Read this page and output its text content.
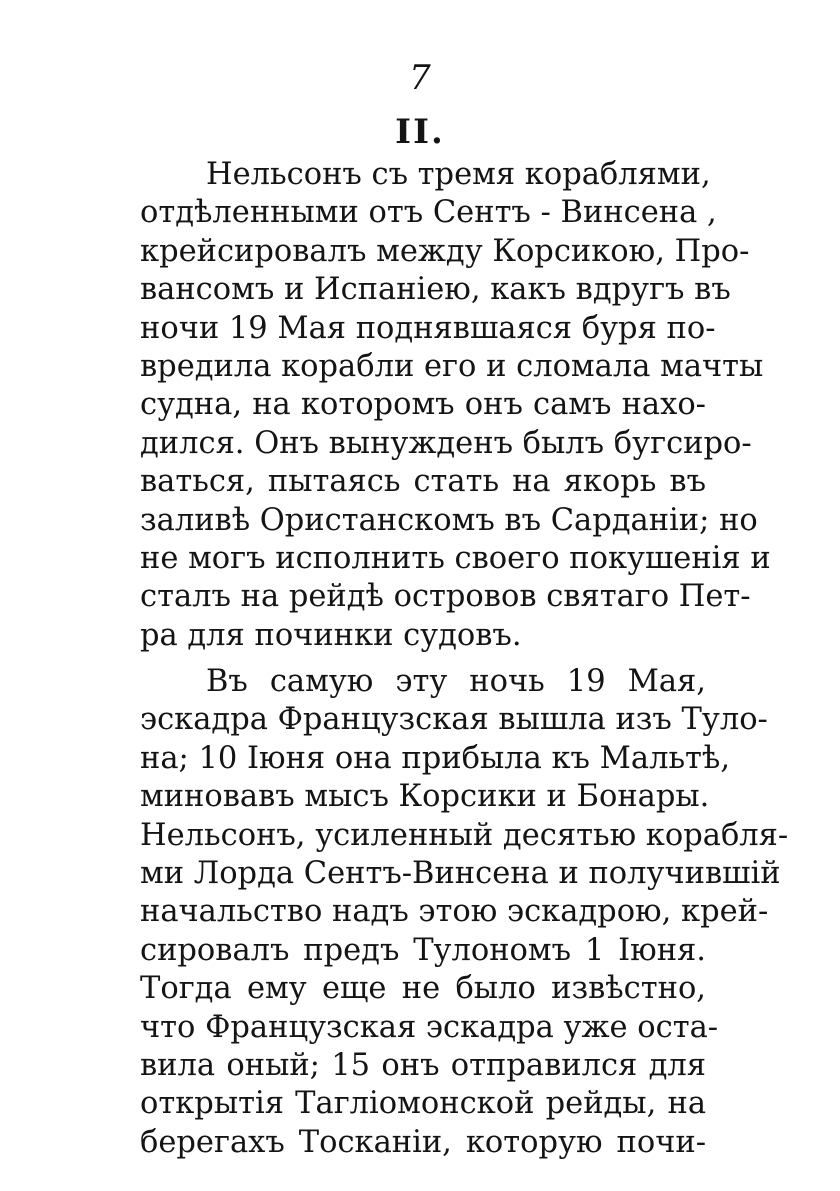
7
II.
Нельсонъ съ тремя кораблями,
отдѣленными отъ Сентъ - Винсена ,
крейсировалъ между Корсикою, Про-
вансомъ и Испаніею, какъ вдругъ въ
ночи 19 Мая поднявшаяся буря по-
вредила корабли его и сломала мачты
судна, на которомъ онъ самъ нахо-
дился. Онъ вынужденъ былъ бугсиро-
ваться, пытаясь стать на якорь въ
заливѣ Ористанскомъ въ Сарданіи; но
не могъ исполнить своего покушенія и
сталъ на рейдѣ островов святаго Пет-
ра для починки судовъ.
Въ самую эту ночь 19 Мая,
эскадра Французская вышла изъ Туло-
на; 10 Іюня она прибыла къ Мальтѣ,
миновавъ мысъ Корсики и Бонары.
Нельсонъ, усиленный десятью корабля-
ми Лорда Сентъ-Винсена и получившій
начальство надъ этою эскадрою, крей-
сировалъ предъ Тулономъ 1 Іюня.
Тогда ему еще не было извѣстно,
что Французская эскадра уже оста-
вила оный; 15 онъ отправился для
открытія Тагліомонской рейды, на
берегахъ Тосканіи, которую почи-
